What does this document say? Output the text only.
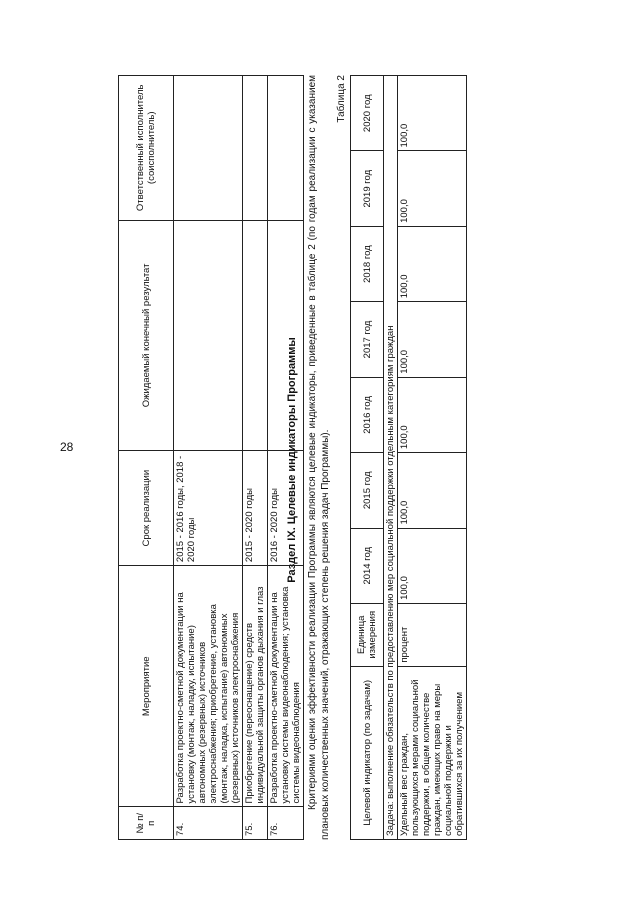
28
№ п/п	Мероприятие	Срок реализации	Ожидаемый конечный результат	Ответственный исполнитель (соисполнитель)
74.	Разработка проектно-сметной документации на установку (монтаж, наладку, испытание) автономных (резервных) источников электроснабжения; приобретение, установка (монтаж, наладка, испытание) автономных (резервных) источников электроснабжения	2015 - 2016 годы, 2018 - 2020 годы		
75.	Приобретение (переоснащение) средств индивидуальной защиты органов дыхания и глаз	2015 - 2020 годы		
76.	Разработка проектно-сметной документации на установку системы видеонаблюдения; установка системы видеонаблюдения	2016 - 2020 годы		Раздел IX. Целевые индикаторы Программы Критериями оценки эффективности реализации Программы являются целевые индикаторы, приведенные в таблице 2 (по годам реализации с указанием плановых количественных значений, отражающих степень решения задач Программы).
Таблица 2
Целевой индикатор (по задачам)	Единица измерения	2014 год	2015 год	2016 год	2017 год	2018 год	2019 год	2020 год
Задача: выполнение обязательств по предоставлению мер социальной поддержки отдельным категориям граждан								
Удельный вес граждан, пользующихся мерами социальной поддержки, в общем количестве граждан, имеющих право на меры социальной поддержки и обратившихся за их получением	процент	100,0	100,0	100,0	100,0	100,0	100,0	100,0
